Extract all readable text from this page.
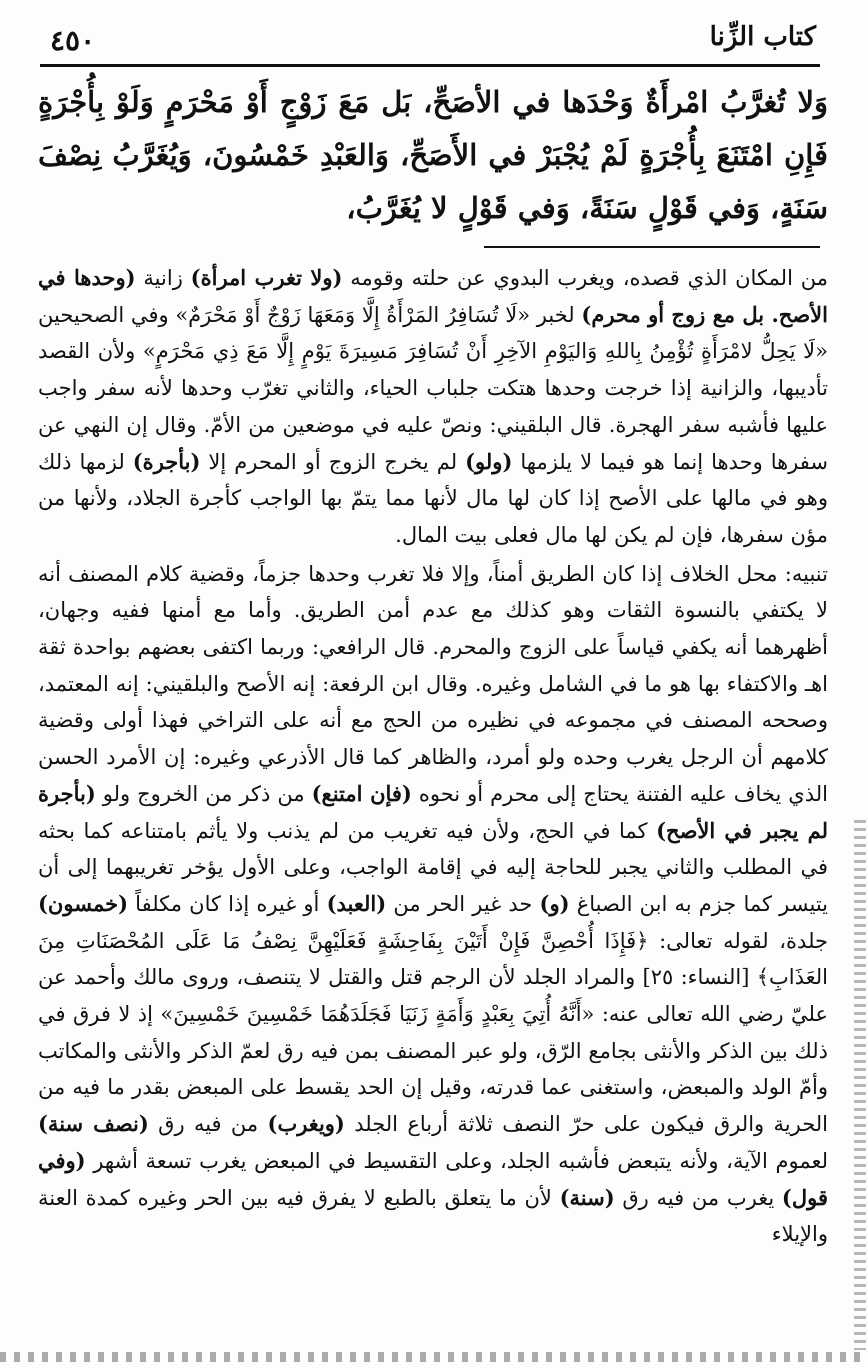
كتاب الزِّنا
٤٥٠
وَلا تُغرَّبُ امْرأَةٌ وَحْدَها في الأصَحِّ، بَل مَعَ زَوْجٍ أَوْ مَحْرَمٍ وَلَوْ بِأُجْرَةٍ فَإِنِ امْتَنَعَ بِأُجْرَةٍ لَمْ يُجْبَرْ في الأَصَحِّ، وَالعَبْدِ خَمْسُونَ، وَيُغَرَّبُ نِصْفَ سَنَةٍ، وَفي قَوْلٍ سَنَةً، وَفي قَوْلٍ لا يُغَرَّبُ،

من المكان الذي قصده، ويغرب البدوي عن حلته وقومه (ولا تغرب امرأة) زانية (وحدها في الأصح. بل مع زوج أو محرم) لخبر «لَا تُسَافِرُ المَرْأَةُ إِلَّا وَمَعَهَا زَوْجٌ أَوْ مَحْرَمٌ» وفي الصحيحين «لَا يَحِلُّ لامْرَأَةٍ تُؤْمِنُ بِاللهِ وَاليَوْمِ الآخِرِ أَنْ تُسَافِرَ مَسِيرَةَ يَوْمٍ إِلَّا مَعَ ذِي مَحْرَمٍ» ولأن القصد تأديبها، والزانية إذا خرجت وحدها هتكت جلباب الحياء، والثاني تغرّب وحدها لأنه سفر واجب عليها فأشبه سفر الهجرة. قال البلقيني: ونصّ عليه في موضعين من الأمّ. وقال إن النهي عن سفرها وحدها إنما هو فيما لا يلزمها (ولو) لم يخرج الزوج أو المحرم إلا (بأجرة) لزمها ذلك وهو في مالها على الأصح إذا كان لها مال لأنها مما يتمّ بها الواجب كأجرة الجلاد، ولأنها من مؤن سفرها، فإن لم يكن لها مال فعلى بيت المال.

تنبيه: محل الخلاف إذا كان الطريق أمناً، وإلا فلا تغرب وحدها جزماً، وقضية كلام المصنف أنه لا يكتفي بالنسوة الثقات وهو كذلك مع عدم أمن الطريق. وأما مع أمنها ففيه وجهان، أظهرهما أنه يكفي قياساً على الزوج والمحرم. قال الرافعي: وربما اكتفى بعضهم بواحدة ثقة اهـ والاكتفاء بها هو ما في الشامل وغيره. وقال ابن الرفعة: إنه الأصح والبلقيني: إنه المعتمد، وصححه المصنف في مجموعه في نظيره من الحج مع أنه على التراخي فهذا أولى وقضية كلامهم أن الرجل يغرب وحده ولو أمرد، والظاهر كما قال الأذرعي وغيره: إن الأمرد الحسن الذي يخاف عليه الفتنة يحتاج إلى محرم أو نحوه (فإن امتنع) من ذكر من الخروج ولو (بأجرة لم يجبر في الأصح) كما في الحج، ولأن فيه تغريب من لم يذنب ولا يأثم بامتناعه كما بحثه في المطلب والثاني يجبر للحاجة إليه في إقامة الواجب، وعلى الأول يؤخر تغريبهما إلى أن يتيسر كما جزم به ابن الصباغ (و) حد غير الحر من (العبد) أو غيره إذا كان مكلفاً (خمسون) جلدة، لقوله تعالى: ﴿فَإِذَا أُحْصِنَّ فَإِنْ أَتَيْنَ بِفَاحِشَةٍ فَعَلَيْهِنَّ نِصْفُ مَا عَلَى المُحْصَنَاتِ مِنَ العَذَابِ﴾ [النساء: ٢٥] والمراد الجلد لأن الرجم قتل والقتل لا يتنصف، وروى مالك وأحمد عن عليّ رضي الله تعالى عنه: «أَنَّهُ أُتِيَ بِعَبْدٍ وَأَمَةٍ زَنَيَا فَجَلَدَهُمَا خَمْسِينَ خَمْسِينَ» إذ لا فرق في ذلك بين الذكر والأنثى بجامع الرّق، ولو عبر المصنف بمن فيه رق لعمّ الذكر والأنثى والمكاتب وأمّ الولد والمبعض، واستغنى عما قدرته، وقيل إن الحد يقسط على المبعض بقدر ما فيه من الحرية والرق فيكون على حرّ النصف ثلاثة أرباع الجلد (ويغرب) من فيه رق (نصف سنة) لعموم الآية، ولأنه يتبعض فأشبه الجلد، وعلى التقسيط في المبعض يغرب تسعة أشهر (وفي قول) يغرب من فيه رق (سنة) لأن ما يتعلق بالطبع لا يفرق فيه بين الحر وغيره كمدة العنة والإيلاء
